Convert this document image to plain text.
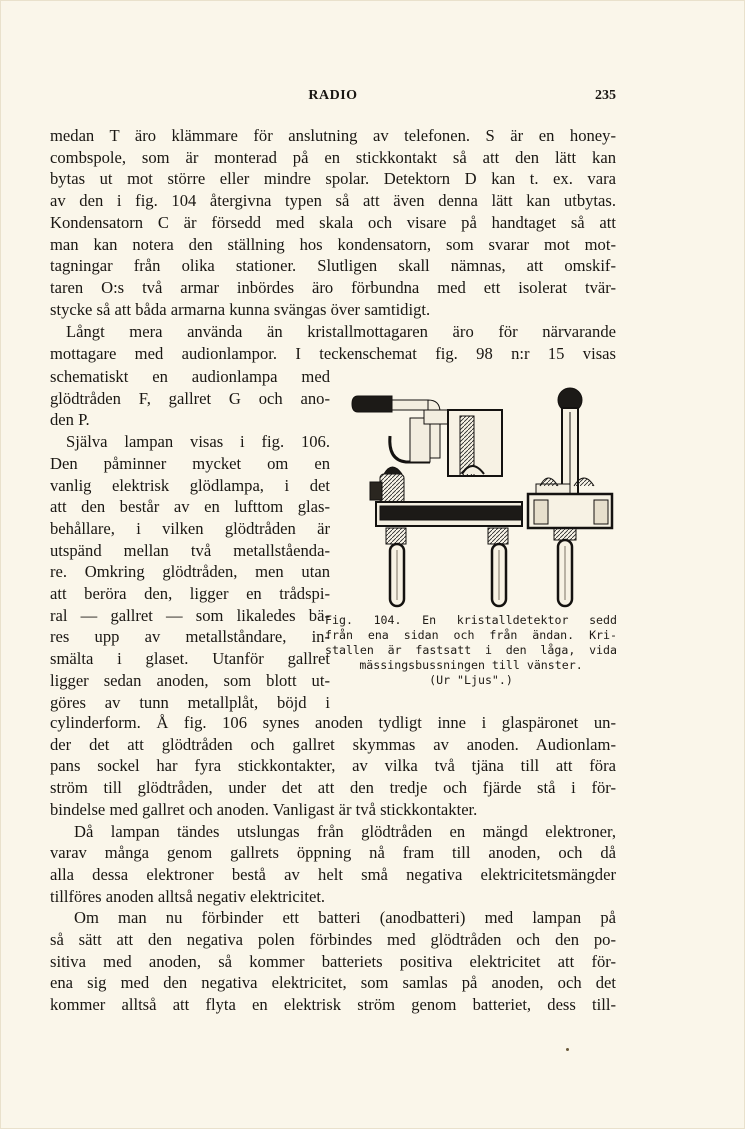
RADIO	235
medan T äro klämmare för anslutning av telefonen. S är en honey-
combspole, som är monterad på en stickkontakt så att den lätt kan
bytas ut mot större eller mindre spolar. Detektorn D kan t. ex. vara
av den i fig. 104 återgivna typen så att även denna lätt kan utbytas.
Kondensatorn C är försedd med skala och visare på handtaget så att
man kan notera den ställning hos kondensatorn, som svarar mot mot-
tagningar från olika stationer. Slutligen skall nämnas, att omskif-
taren O:s två armar inbördes äro förbundna med ett isolerat tvär-
stycke så att båda armarna kunna svängas över samtidigt.
Långt mera använda än kristallmottagaren äro för närvarande
mottagare med audionlampor. I teckenschemat fig. 98 n:r 15 visas
schematiskt en audionlampa med
glödtråden F, gallret G och ano-
den P.
Själva lampan visas i fig. 106.
Den påminner mycket om en
vanlig elektrisk glödlampa, i det
att den består av en lufttom glas-
behållare, i vilken glödtråden är
utspänd mellan två metallståenda-
re. Omkring glödtråden, men utan
att beröra den, ligger en trådspi-
ral — gallret — som likaledes bä-
res upp av metallståndare, in-
smälta i glaset. Utanför gallret
ligger sedan anoden, som blott ut-
göres av tunn metallplåt, böjd i
Fig. 104. En kristalldetektor sedd
från ena sidan och från ändan. Kri-
stallen är fastsatt i den låga, vida
mässingsbussningen till vänster.
(Ur "Ljus".)
cylinderform. Å fig. 106 synes anoden tydligt inne i glaspäronet un-
der det att glödtråden och gallret skymmas av anoden. Audionlam-
pans sockel har fyra stickkontakter, av vilka två tjäna till att föra
ström till glödtråden, under det att den tredje och fjärde stå i för-
bindelse med gallret och anoden. Vanligast är två stickkontakter.
Då lampan tändes utslungas från glödtråden en mängd elektroner,
varav många genom gallrets öppning nå fram till anoden, och då
alla dessa elektroner bestå av helt små negativa elektricitetsmängder
tillföres anoden alltså negativ elektricitet.
Om man nu förbinder ett batteri (anodbatteri) med lampan på
så sätt att den negativa polen förbindes med glödtråden och den po-
sitiva med anoden, så kommer batteriets positiva elektricitet att för-
ena sig med den negativa elektricitet, som samlas på anoden, och det
kommer alltså att flyta en elektrisk ström genom batteriet, dess till-
